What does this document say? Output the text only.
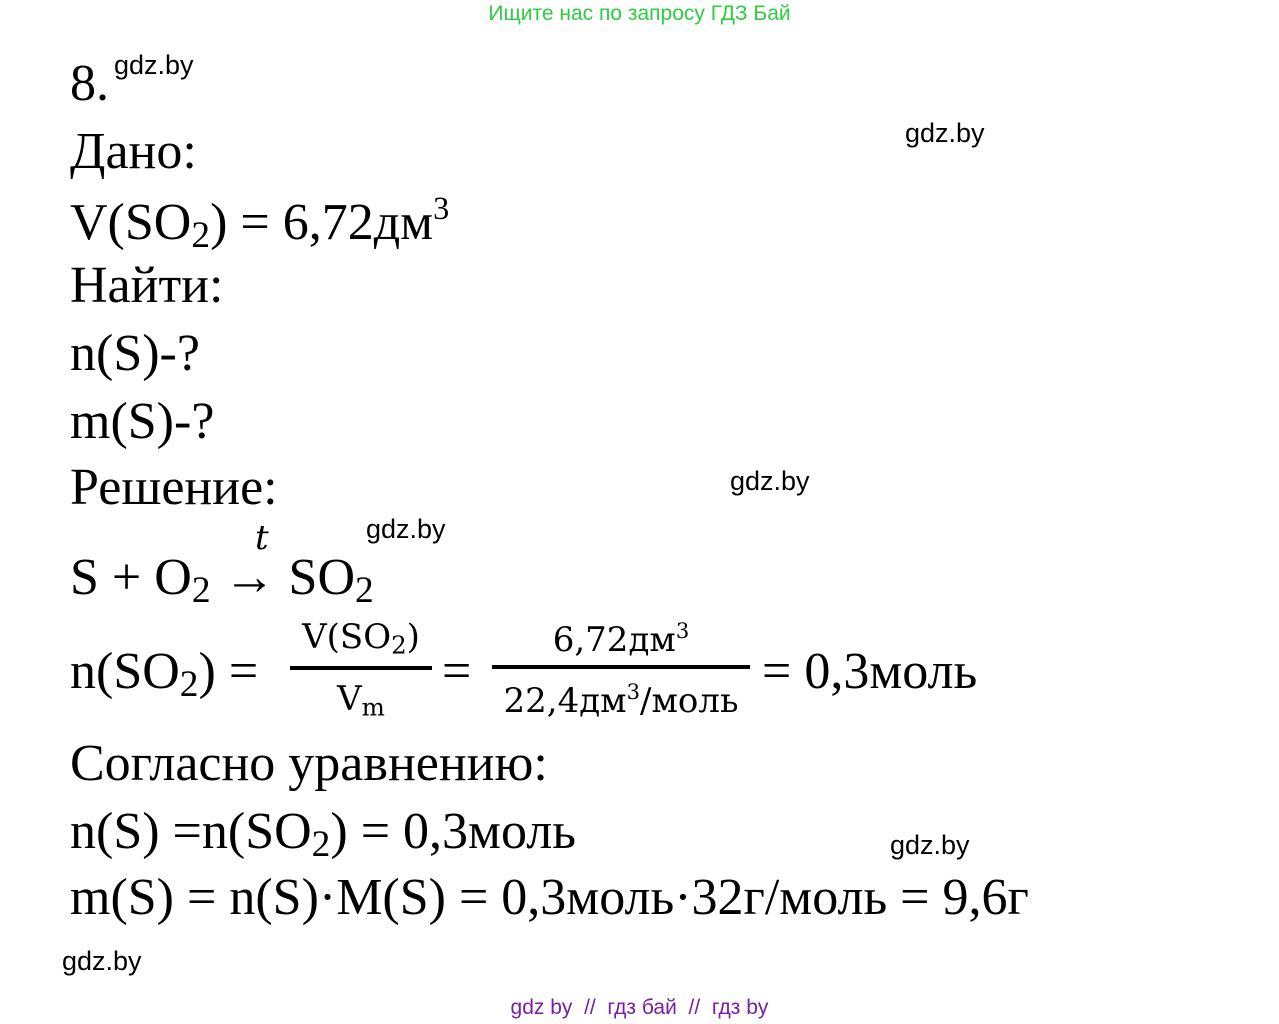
Ищите нас по запросу ГДЗ Бай
gdz.by
gdz.by
gdz.by
gdz.by
gdz.by
gdz.by
8.
Дано:
$V(SO_2) = 6,72дм^3$
Найти:
n(S)-?
m(S)-?
Решение:
t
$S + O_2 \to SO_2$
$n(SO_2)$ =
$V(SO_2)$
$V_m$
=
$6,72дм^3$
$22,4дм^3$/моль
= 0,3моль
Согласно уравнению:
$n(S) =n(SO_2)$ = 0,3моль
m(S) = n(S)·M(S) = 0,3моль·32г/моль = 9,6г
gdz by  //  гдз бай  //  гдз by
